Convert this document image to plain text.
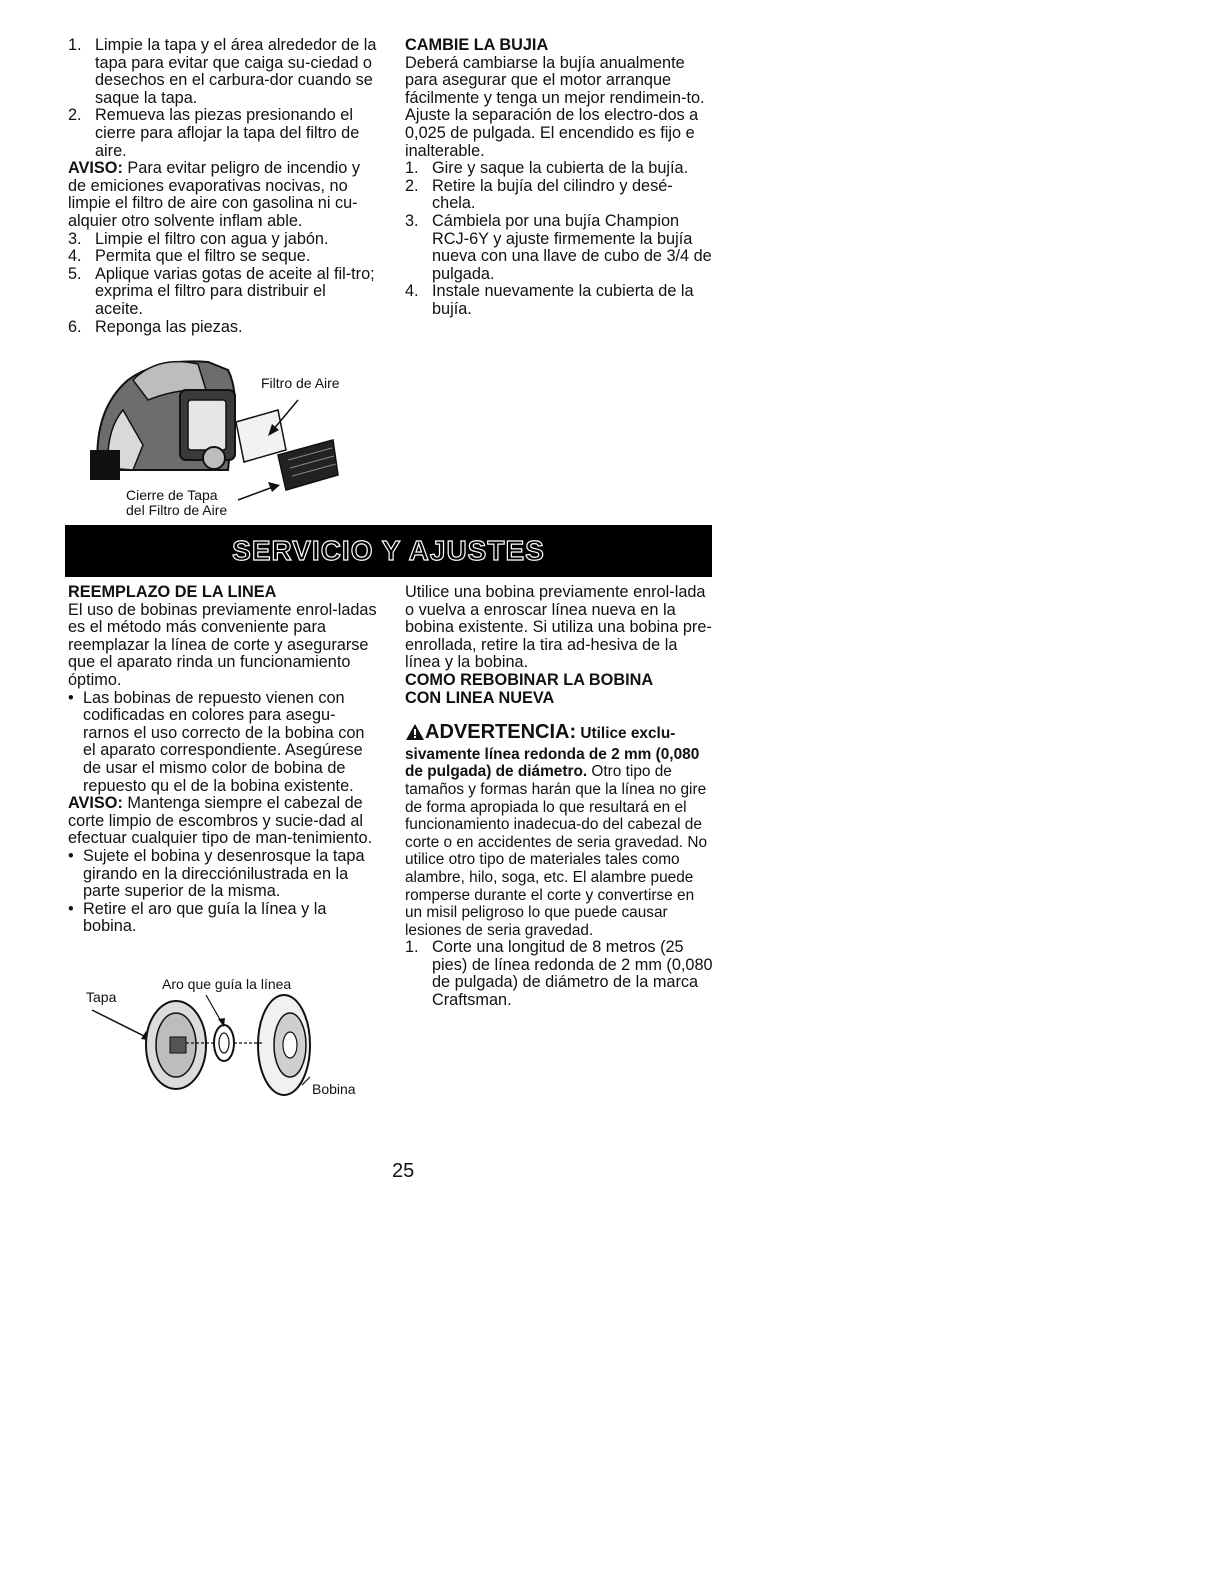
1. Limpie la tapa y el área alrededor de la tapa para evitar que caiga su-ciedad o desechos en el carbura-dor cuando se saque la tapa.
2. Remueva las piezas presionando el cierre para aflojar la tapa del filtro de aire.

AVISO: Para evitar peligro de incendio y de emiciones evaporativas nocivas, no limpie el filtro de aire con gasolina ni cu-alquier otro solvente inflam able.

3. Limpie el filtro con agua y jabón.
4. Permita que el filtro se seque.
5. Aplique varias gotas de aceite al fil-tro; exprima el filtro para distribuir el aceite.
6. Reponga las piezas.
CAMBIE LA BUJIA

Deberá cambiarse la bujía anualmente para asegurar que el motor arranque fácilmente y tenga un mejor rendimein-to. Ajuste la separación de los electro-dos a 0,025 de pulgada. El encendido es fijo e inalterable.

1. Gire y saque la cubierta de la bujía.
2. Retire la bujía del cilindro y desé-chela.
3. Cámbiela por una bujía Champion RCJ-6Y y ajuste firmemente la bujía nueva con una llave de cubo de 3/4 de pulgada.
4. Instale nuevamente la cubierta de la bujía.
Filtro de Aire
Cierre de Tapa
del Filtro de Aire
SERVICIO Y AJUSTES
REEMPLAZO DE LA LINEA

El uso de bobinas previamente enrol-ladas es el método más conveniente para reemplazar la línea de corte y asegurarse que el aparato rinda un funcionamiento óptimo.

• Las bobinas de repuesto vienen con codificadas en colores para asegu-rarnos el uso correcto de la bobina con el aparato correspondiente. Asegúrese de usar el mismo color de bobina de repuesto qu el de la bobina existente.

AVISO: Mantenga siempre el cabezal de corte limpio de escombros y sucie-dad al efectuar cualquier tipo de man-tenimiento.

• Sujete el bobina y desenrosque la tapa girando en la direcciónilustrada en la parte superior de la misma.
• Retire el aro que guía la línea y la bobina.
Aro que guía la línea
Tapa
Bobina

Utilice una bobina previamente enrol-lada o vuelva a enroscar línea nueva en la bobina existente. Si utiliza una bobina pre-enrollada, retire la tira ad-hesiva de la línea y la bobina.

COMO REBOBINAR LA BOBINA
CON LINEA NUEVA

ADVERTENCIA: Utilice exclu-sivamente línea redonda de 2 mm (0,080 de pulgada) de diámetro. Otro tipo de tamaños y formas harán que la línea no gire de forma apropiada lo que resultará en el funcionamiento inadecua-do del cabezal de corte o en accidentes de seria gravedad. No utilice otro tipo de materiales tales como alambre, hilo, soga, etc. El alambre puede romperse durante el corte y convertirse en un misil peligroso lo que puede causar lesiones de seria gravedad.

1. Corte una longitud de 8 metros (25 pies) de línea redonda de 2 mm (0,080 de pulgada) de diámetro de la marca Craftsman.
25
